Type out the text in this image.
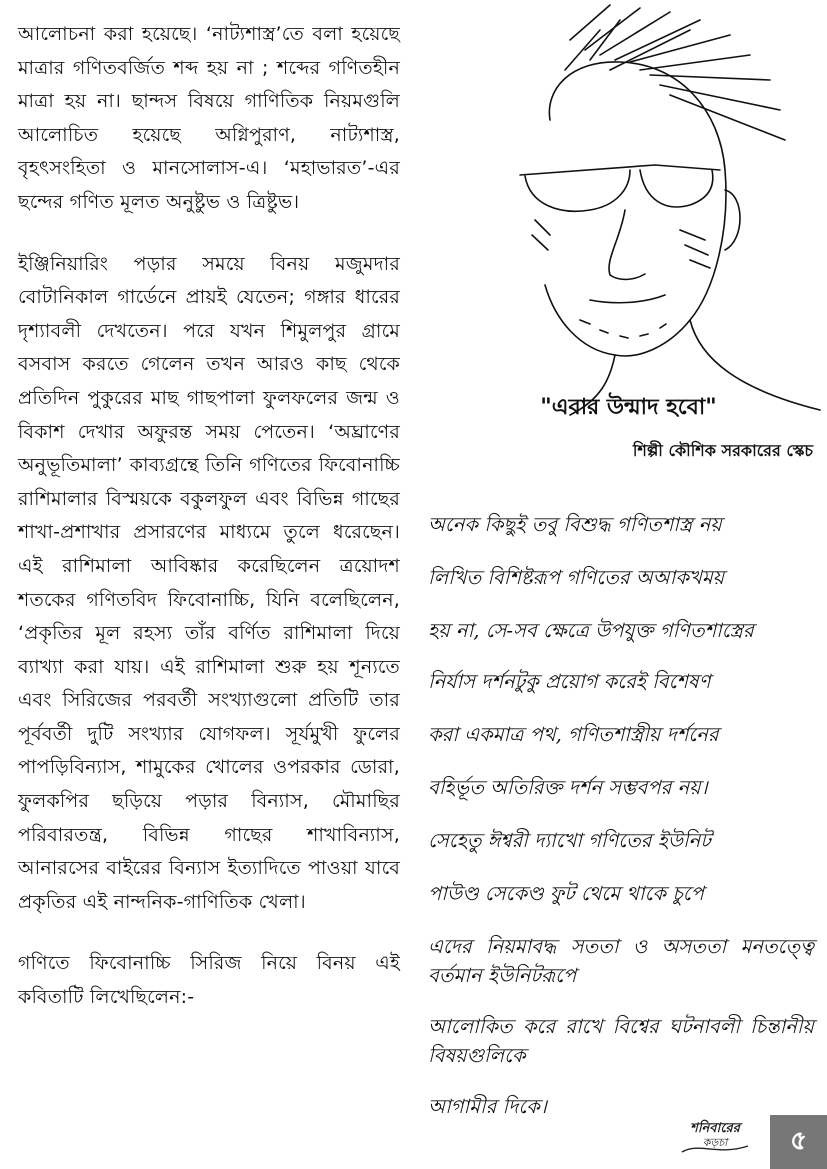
আলোচনা করা হয়েছে। ‘নাট্যশাস্ত্র’তে বলা হয়েছে মাত্রার গণিতবর্জিত শব্দ হয় না ; শব্দের গণিতহীন মাত্রা হয় না। ছান্দস বিষয়ে গাণিতিক নিয়মগুলি আলোচিত হয়েছে অগ্নিপুরাণ, নাট্যশাস্ত্র, বৃহৎসংহিতা ও মানসোলাস-এ। ‘মহাভারত’-এর ছন্দের গণিত মূলত অনুষ্টুভ ও ত্রিষ্টুভ।

ইঞ্জিনিয়ারিং পড়ার সময়ে বিনয় মজুমদার বোটানিকাল গার্ডেনে প্রায়ই যেতেন; গঙ্গার ধারের দৃশ্যাবলী দেখতেন। পরে যখন শিমুলপুর গ্রামে বসবাস করতে গেলেন তখন আরও কাছ থেকে প্রতিদিন পুকুরের মাছ গাছপালা ফুলফলের জন্ম ও বিকাশ দেখার অফুরন্ত সময় পেতেন। ‘অঘ্রাণের অনুভূতিমালা’ কাব্যগ্রন্থে তিনি গণিতের ফিবোনাচ্চি রাশিমালার বিস্ময়কে বকুলফুল এবং বিভিন্ন গাছের শাখা-প্রশাখার প্রসারণের মাধ্যমে তুলে ধরেছেন। এই রাশিমালা আবিষ্কার করেছিলেন ত্রয়োদশ শতকের গণিতবিদ ফিবোনাচ্চি, যিনি বলেছিলেন, ‘প্রকৃতির মূল রহস্য তাঁর বর্ণিত রাশিমালা দিয়ে ব্যাখ্যা করা যায়। এই রাশিমালা শুরু হয় শূন্যতে এবং সিরিজের পরবর্তী সংখ্যাগুলো প্রতিটি তার পূর্ববর্তী দুটি সংখ্যার যোগফল। সূর্যমুখী ফুলের পাপড়িবিন্যাস, শামুকের খোলের ওপরকার ডোরা, ফুলকপির ছড়িয়ে পড়ার বিন্যাস, মৌমাছির পরিবারতন্ত্র, বিভিন্ন গাছের শাখাবিন্যাস, আনারসের বাইরের বিন্যাস ইত্যাদিতে পাওয়া যাবে প্রকৃতির এই নান্দনিক-গাণিতিক খেলা।

গণিতে ফিবোনাচ্চি সিরিজ নিয়ে বিনয় এই কবিতাটি লিখেছিলেন:-

"এবার উন্মাদ হবো"
শিল্পী কৌশিক সরকারের স্কেচ

অনেক কিছুই তবু বিশুদ্ধ গণিতশাস্ত্র নয়

লিখিত বিশিষ্টরূপ গণিতের অআকখময়

হয় না, সে-সব ক্ষেত্রে উপযুক্ত গণিতশাস্ত্রের

নির্যাস দর্শনটুকু প্রয়োগ করেই বিশেষণ

করা একমাত্র পথ, গণিতশাস্ত্রীয় দর্শনের

বহির্ভূত অতিরিক্ত দর্শন সম্ভবপর নয়।

সেহেতু ঈশ্বরী দ্যাখো গণিতের ইউনিট

পাউণ্ড সেকেণ্ড ফুট থেমে থাকে চুপে

এদের নিয়মাবদ্ধ সততা ও অসততা মনতত্ত্বে বর্তমান ইউনিটরূপে

আলোকিত করে রাখে বিশ্বের ঘটনাবলী চিন্তানীয় বিষয়গুলিকে

আগামীর দিকে।

শনিবারের
কড়চা	৫
